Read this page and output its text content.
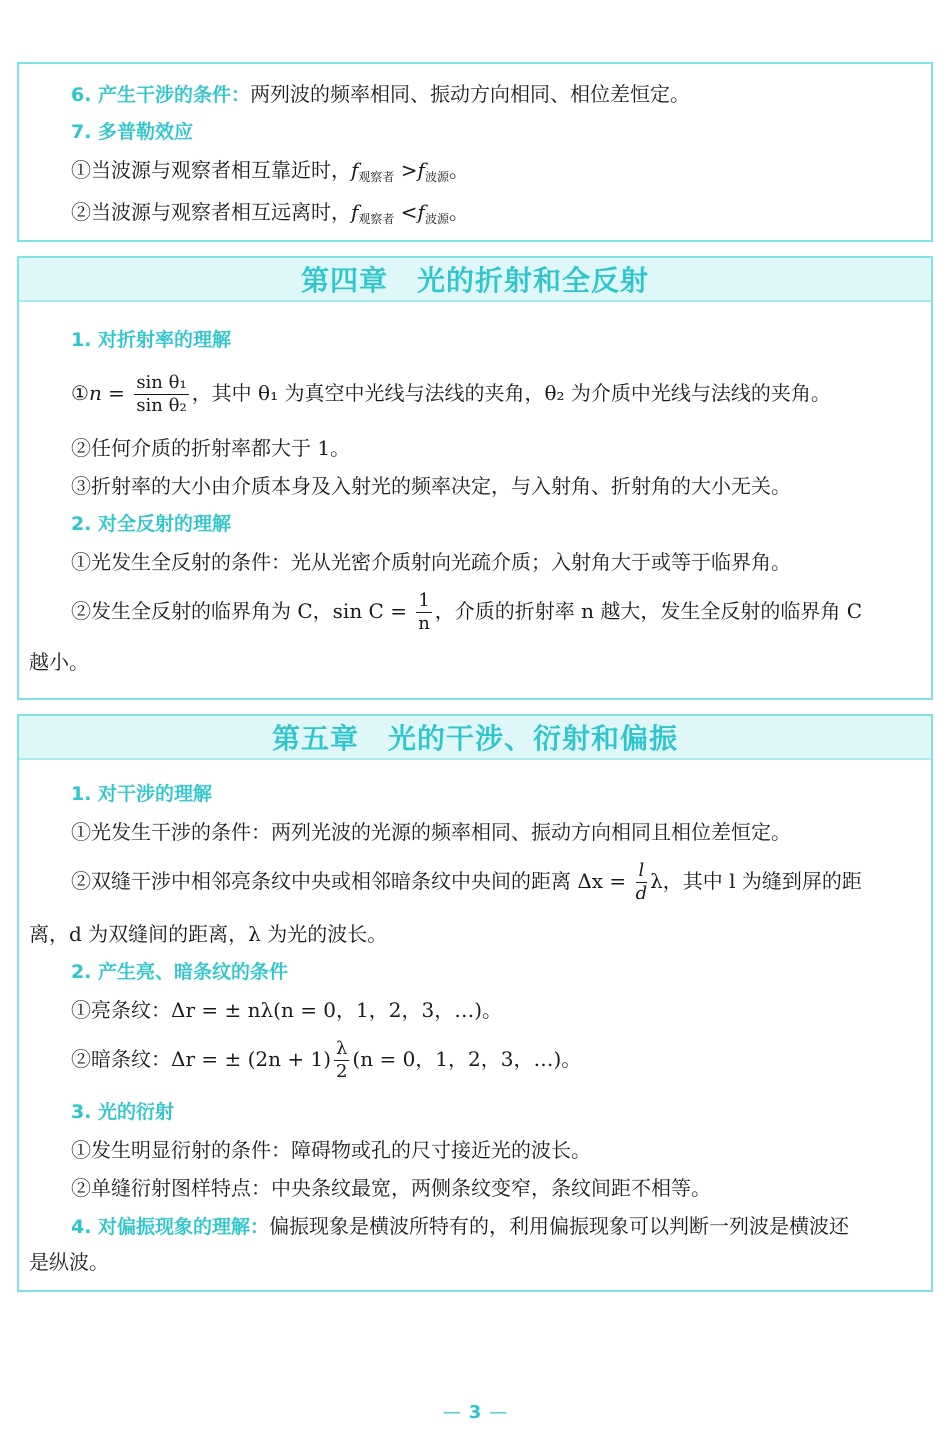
6. 产生干涉的条件：两列波的频率相同、振动方向相同、相位差恒定。
7. 多普勒效应
①当波源与观察者相互靠近时，$f_{观察者} >f_{波源}$。
②当波源与观察者相互远离时，$f_{观察者} <f_{波源}$。
第四章　光的折射和全反射
1. 对折射率的理解
①n = $\frac{\text{sin θ₁}}{\text{sin θ₂}}$ ，其中 θ₁ 为真空中光线与法线的夹角，θ₂ 为介质中光线与法线的夹角。
②任何介质的折射率都大于 1。
③折射率的大小由介质本身及入射光的频率决定，与入射角、折射角的大小无关。
2. 对全反射的理解
①光发生全反射的条件：光从光密介质射向光疏介质；入射角大于或等于临界角。
②发生全反射的临界角为 C，$\sin C = \frac{1}{n}$ ，介质的折射率 n 越大，发生全反射的临界角 C
越小。
第五章　光的干涉、衍射和偏振
1. 对干涉的理解
①光发生干涉的条件：两列光波的光源的频率相同、振动方向相同且相位差恒定。
②双缝干涉中相邻亮条纹中央或相邻暗条纹中央间的距离 $\Delta x = \frac{l}{d}$ λ，其中 l 为缝到屏的距
离，d 为双缝间的距离，λ 为光的波长。
2. 产生亮、暗条纹的条件
①亮条纹：Δr = ± nλ(n = 0，1，2，3，…)。
②暗条纹：Δr = ± $(2n + 1) \frac{\lambda}{2} (n = 0$，1，2，3，…)。
3. 光的衍射
①发生明显衍射的条件：障碍物或孔的尺寸接近光的波长。
②单缝衍射图样特点：中央条纹最宽，两侧条纹变窄，条纹间距不相等。
4. 对偏振现象的理解：偏振现象是横波所特有的，利用偏振现象可以判断一列波是横波还
是纵波。
— 3 —
